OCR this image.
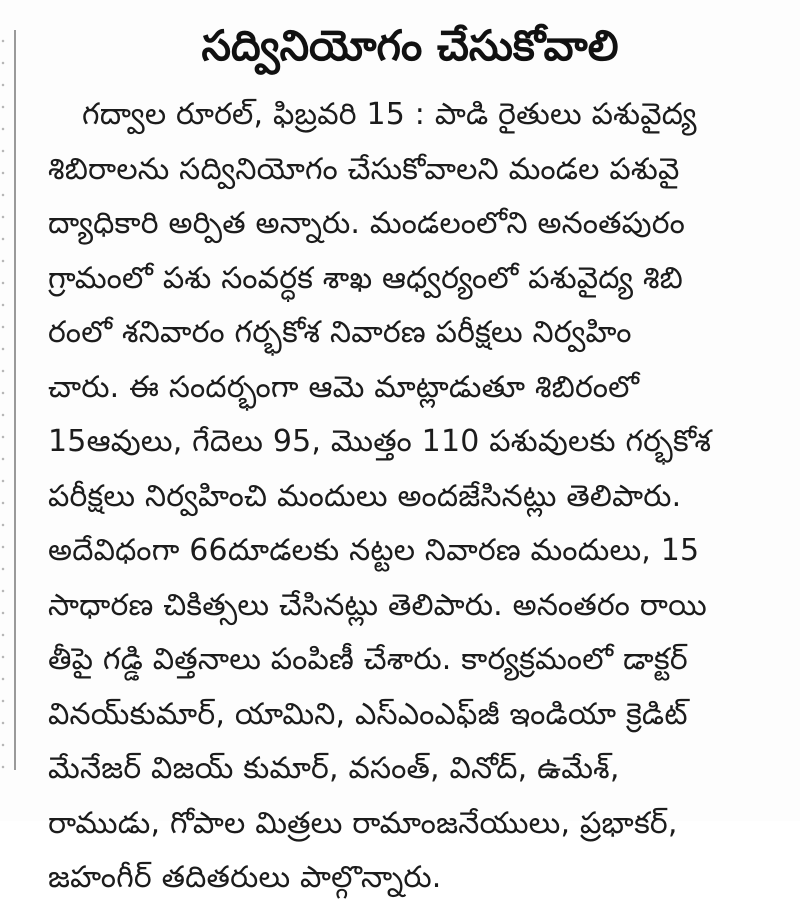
సద్వినియోగం చేసుకోవాలి
గద్వాల రూరల్, ఫిబ్రవరి 15 : పాడి రైతులు పశువైద్య
శిబిరాలను సద్వినియోగం చేసుకోవాలని మండల పశువై
ద్యాధికారి అర్పిత అన్నారు. మండలంలోని అనంతపురం
గ్రామంలో పశు సంవర్ధక శాఖ ఆధ్వర్యంలో పశువైద్య శిబి
రంలో శనివారం గర్భకోశ నివారణ పరీక్షలు నిర్వహిం
చారు. ఈ సందర్భంగా ఆమె మాట్లాడుతూ శిబిరంలో
15ఆవులు, గేదెలు 95, మొత్తం 110 పశువులకు గర్భకోశ
పరీక్షలు నిర్వహించి మందులు అందజేసినట్లు తెలిపారు.
అదేవిధంగా 66దూడలకు నట్టల నివారణ మందులు, 15
సాధారణ చికిత్సలు చేసినట్లు తెలిపారు. అనంతరం రాయి
తీపై గడ్డి విత్తనాలు పంపిణీ చేశారు. కార్యక్రమంలో డాక్టర్
వినయ్‌కుమార్, యామిని, ఎస్ఎంఎఫ్‌జీ ఇండియా క్రెడిట్
మేనేజర్ విజయ్ కుమార్, వసంత్, వినోద్, ఉమేశ్,
రాముడు, గోపాల మిత్రలు రామాంజనేయులు, ప్రభాకర్,
జహంగీర్ తదితరులు పాల్గొన్నారు.
